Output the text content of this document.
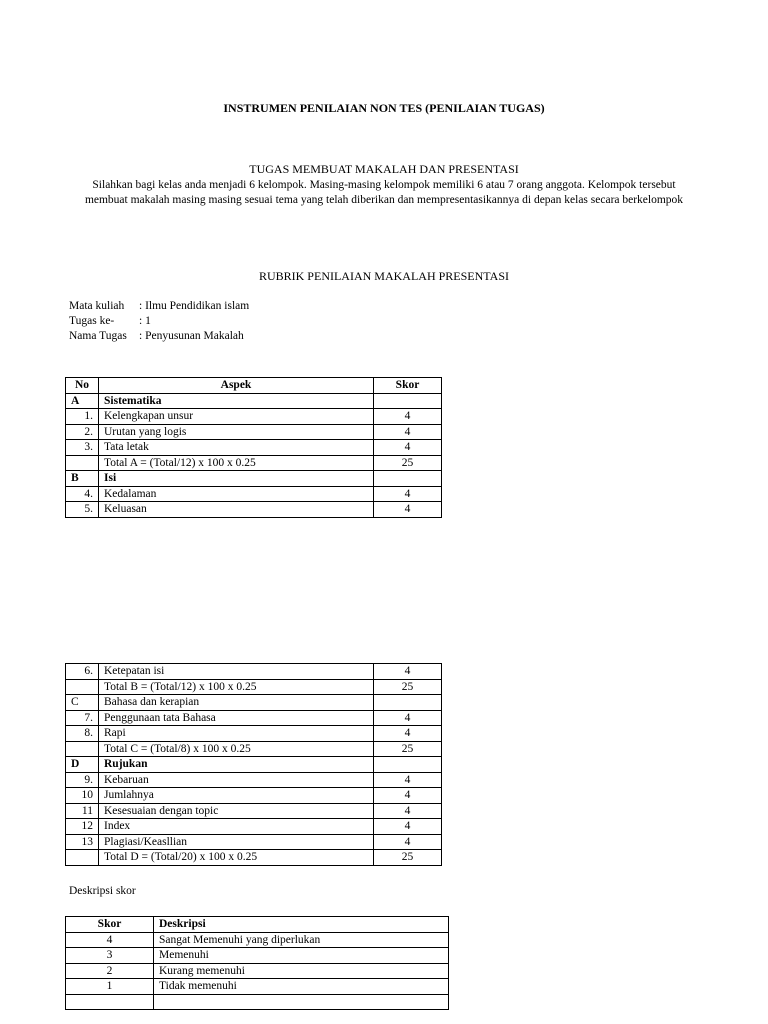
INSTRUMEN PENILAIAN NON TES (PENILAIAN TUGAS)
TUGAS MEMBUAT MAKALAH DAN PRESENTASI
Silahkan bagi kelas anda menjadi 6 kelompok. Masing-masing kelompok memiliki 6 atau 7 orang anggota. Kelompok tersebut
membuat makalah masing masing sesuai tema yang telah diberikan dan mempresentasikannya di depan kelas secara berkelompok
RUBRIK PENILAIAN MAKALAH PRESENTASI
Mata kuliah	: Ilmu Pendidikan islam
Tugas ke-	: 1
Nama Tugas	: Penyusunan Makalah
No	Aspek	Skor
A	Sistematika	
1.	Kelengkapan unsur	4
2.	Urutan yang logis	4
3.	Tata letak	4
	Total A = (Total/12) x 100 x 0.25	25
B	Isi	
4.	Kedalaman	4
5.	Keluasan	4
6.	Ketepatan isi	4
	Total B = (Total/12) x 100 x 0.25	25
C	Bahasa dan kerapian	
7.	Penggunaan tata Bahasa	4
8.	Rapi	4
	Total C = (Total/8) x 100 x 0.25	25
D	Rujukan	
9.	Kebaruan	4
10	Jumlahnya	4
11	Kesesuaian dengan topic	4
12	Index	4
13	Plagiasi/Keasllian	4
	Total D = (Total/20) x 100 x 0.25	25
Deskripsi skor
Skor	Deskripsi
4	Sangat Memenuhi yang diperlukan
3	Memenuhi
2	Kurang memenuhi
1	Tidak memenuhi
